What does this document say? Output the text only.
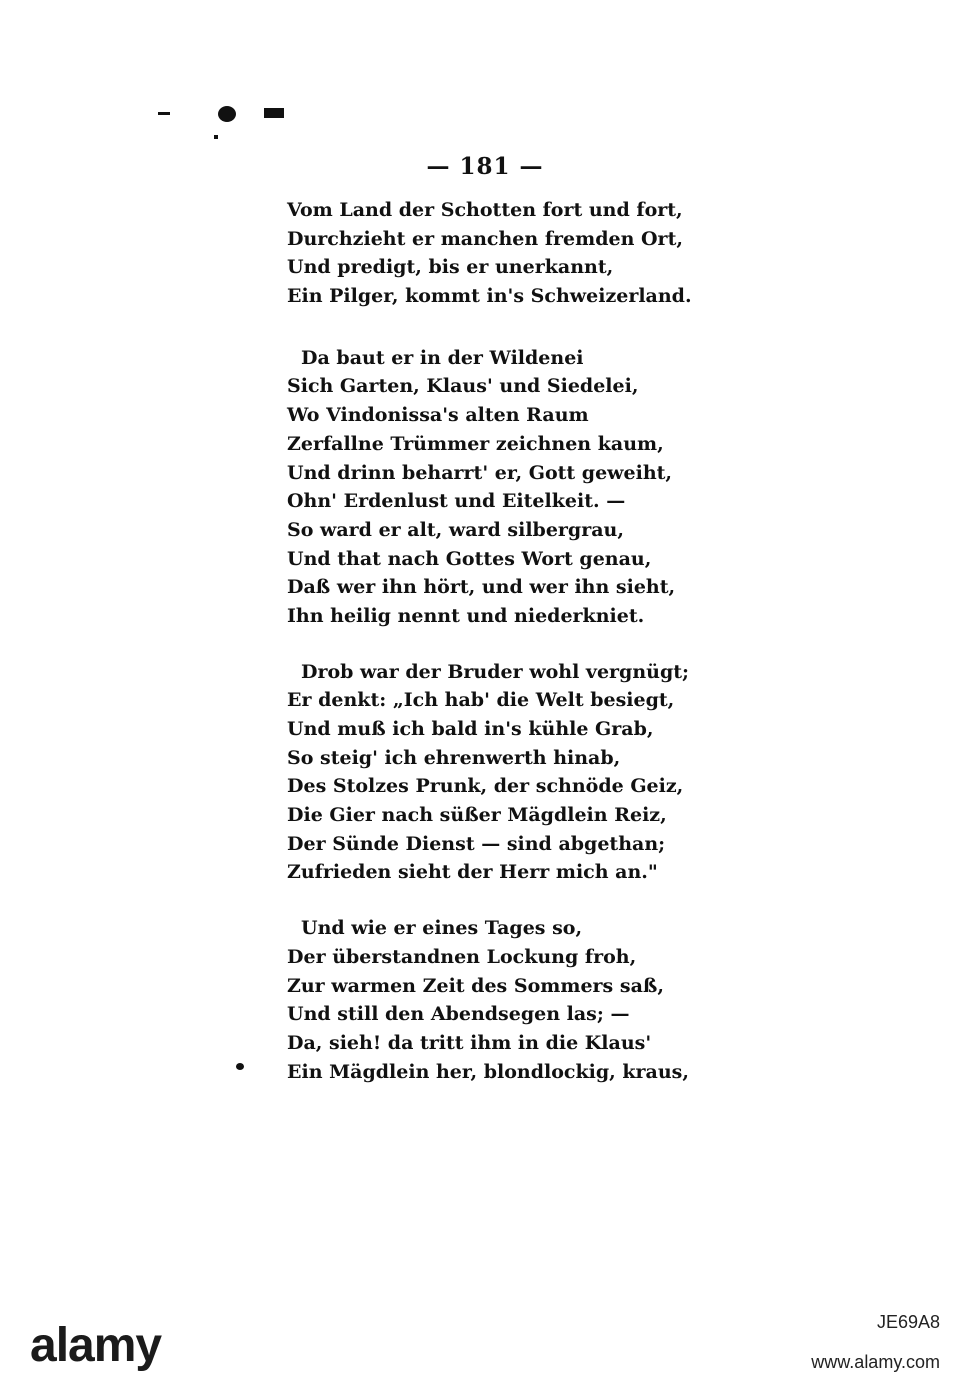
— 181 —
Vom Land der Schotten fort und fort,
Durchzieht er manchen fremden Ort,
Und predigt, bis er unerkannt,
Ein Pilger, kommt in's Schweizerland.
Da baut er in der Wildenei
Sich Garten, Klaus' und Siedelei,
Wo Vindonissa's alten Raum
Zerfallne Trümmer zeichnen kaum,
Und drinn beharrt' er, Gott geweiht,
Ohn' Erdenlust und Eitelkeit. —
So ward er alt, ward silbergrau,
Und that nach Gottes Wort genau,
Daß wer ihn hört, und wer ihn sieht,
Ihn heilig nennt und niederkniet.
Drob war der Bruder wohl vergnügt;
Er denkt: „Ich hab' die Welt besiegt,
Und muß ich bald in's kühle Grab,
So steig' ich ehrenwerth hinab,
Des Stolzes Prunk, der schnöde Geiz,
Die Gier nach süßer Mägdlein Reiz,
Der Sünde Dienst — sind abgethan;
Zufrieden sieht der Herr mich an."
Und wie er eines Tages so,
Der überstandnen Lockung froh,
Zur warmen Zeit des Sommers saß,
Und still den Abendsegen las; —
Da, sieh! da tritt ihm in die Klaus'
Ein Mägdlein her, blondlockig, kraus,
alamy	JE69A8
www.alamy.com
